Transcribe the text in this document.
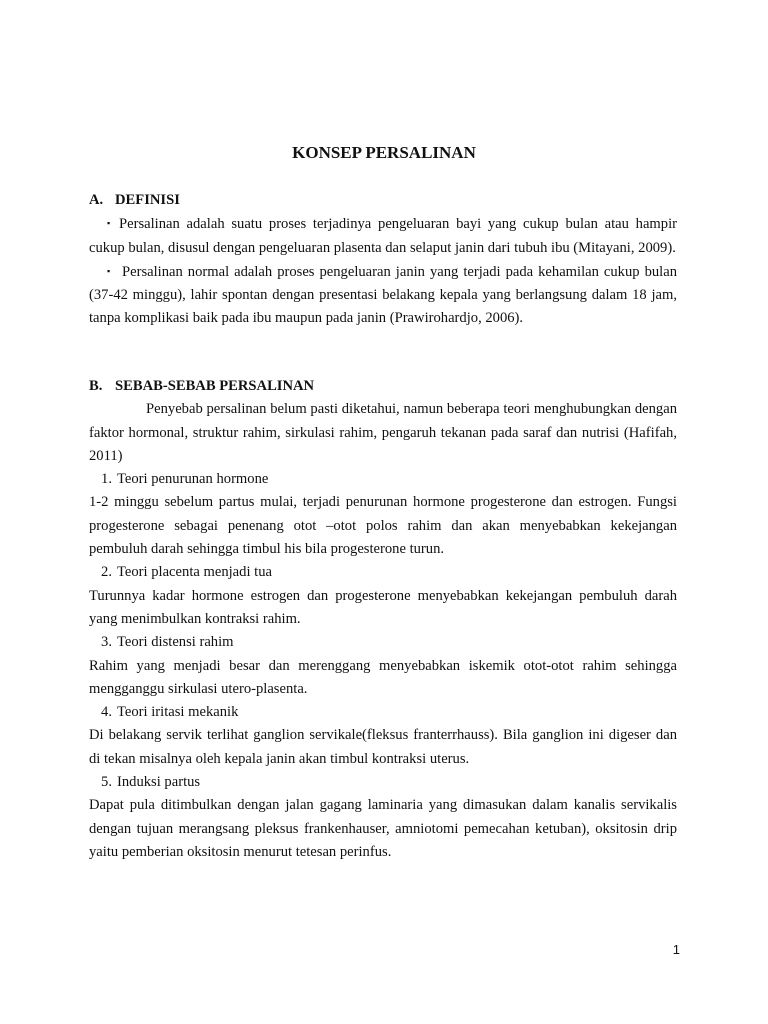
KONSEP PERSALINAN

A. DEFINISI

▪ Persalinan adalah suatu proses terjadinya pengeluaran bayi yang cukup bulan atau hampir cukup bulan, disusul dengan pengeluaran plasenta dan selaput janin dari tubuh ibu (Mitayani, 2009).

▪ Persalinan normal adalah proses pengeluaran janin yang terjadi pada kehamilan cukup bulan (37-42 minggu), lahir spontan dengan presentasi belakang kepala yang berlangsung dalam 18 jam, tanpa komplikasi baik pada ibu maupun pada janin (Prawirohardjo, 2006).

B. SEBAB-SEBAB PERSALINAN

Penyebab persalinan belum pasti diketahui, namun beberapa teori menghubungkan dengan faktor hormonal, struktur rahim, sirkulasi rahim, pengaruh tekanan pada saraf dan nutrisi (Hafifah, 2011)

1. Teori penurunan hormone

1-2 minggu sebelum partus mulai, terjadi penurunan hormone progesterone dan estrogen. Fungsi progesterone sebagai penenang otot –otot polos rahim dan akan menyebabkan kekejangan pembuluh darah sehingga timbul his bila progesterone turun.

2. Teori placenta menjadi tua

Turunnya kadar hormone estrogen dan progesterone menyebabkan kekejangan pembuluh darah yang menimbulkan kontraksi rahim.

3. Teori distensi rahim

Rahim yang menjadi besar dan merenggang menyebabkan iskemik otot-otot rahim sehingga mengganggu sirkulasi utero-plasenta.

4. Teori iritasi mekanik

Di belakang servik terlihat ganglion servikale(fleksus franterrhauss). Bila ganglion ini digeser dan di tekan misalnya oleh kepala janin akan timbul kontraksi uterus.

5. Induksi partus

Dapat pula ditimbulkan dengan jalan gagang laminaria yang dimasukan dalam kanalis servikalis dengan tujuan merangsang pleksus frankenhauser, amniotomi pemecahan ketuban), oksitosin drip yaitu pemberian oksitosin menurut tetesan perinfus.

1
